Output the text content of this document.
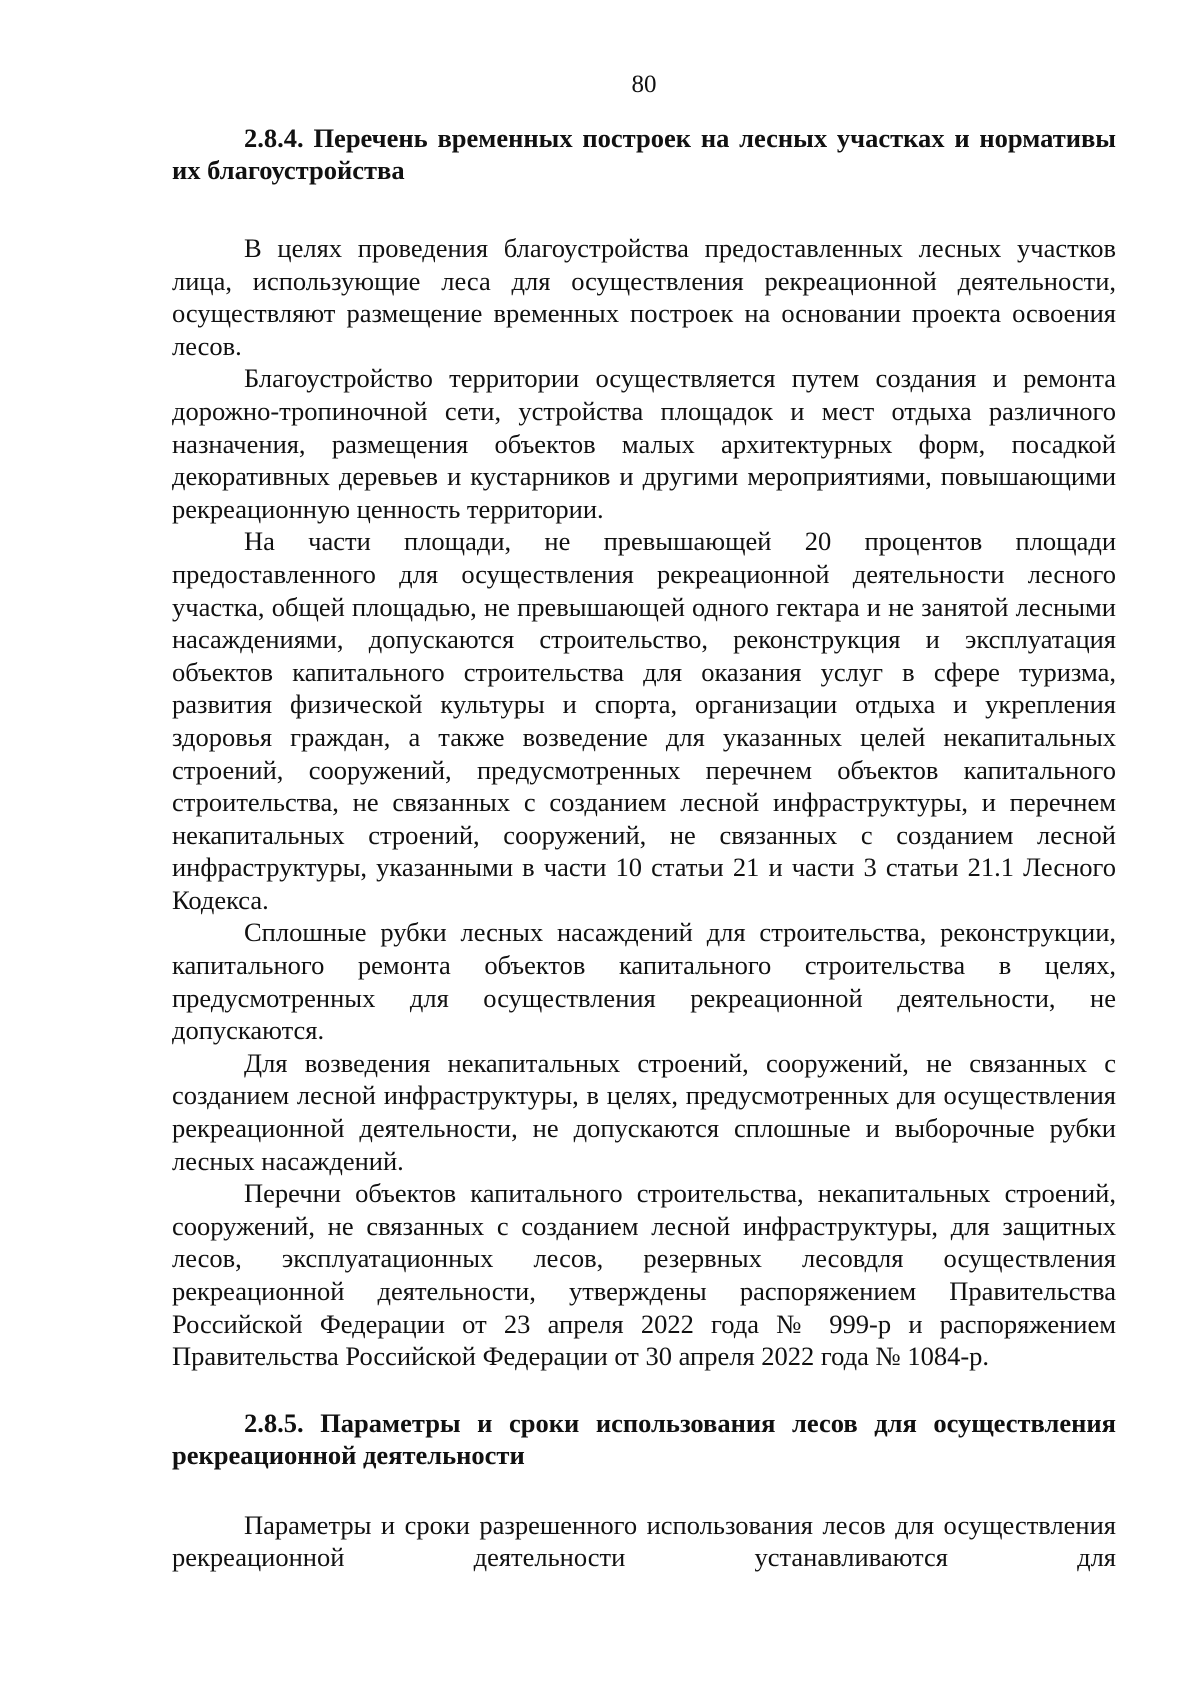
80
2.8.4. Перечень временных построек на лесных участках и нормативы их благоустройства

В целях проведения благоустройства предоставленных лесных участков лица, использующие леса для осуществления рекреационной деятельности, осуществляют размещение временных построек на основании проекта освоения лесов.

Благоустройство территории осуществляется путем создания и ремонта дорожно-тропиночной сети, устройства площадок и мест отдыха различного назначения, размещения объектов малых архитектурных форм, посадкой декоративных деревьев и кустарников и другими мероприятиями, повышающими рекреационную ценность территории.

На части площади, не превышающей 20 процентов площади предоставленного для осуществления рекреационной деятельности лесного участка, общей площадью, не превышающей одного гектара и не занятой лесными насаждениями, допускаются строительство, реконструкция и эксплуатация объектов капитального строительства для оказания услуг в сфере туризма, развития физической культуры и спорта, организации отдыха и укрепления здоровья граждан, а также возведение для указанных целей некапитальных строений, сооружений, предусмотренных перечнем объектов капитального строительства, не связанных с созданием лесной инфраструктуры, и перечнем некапитальных строений, сооружений, не связанных с созданием лесной инфраструктуры, указанными в части 10 статьи 21 и части 3 статьи 21.1 Лесного Кодекса.

Сплошные рубки лесных насаждений для строительства, реконструкции, капитального ремонта объектов капитального строительства в целях, предусмотренных для осуществления рекреационной деятельности, не допускаются.

Для возведения некапитальных строений, сооружений, не связанных с созданием лесной инфраструктуры, в целях, предусмотренных для осуществления рекреационной деятельности, не допускаются сплошные и выборочные рубки лесных насаждений.

Перечни объектов капитального строительства, некапитальных строений, сооружений, не связанных с созданием лесной инфраструктуры, для защитных лесов, эксплуатационных лесов, резервных лесовдля осуществления рекреационной деятельности, утверждены распоряжением Правительства Российской Федерации от 23 апреля 2022 года № 999-р и распоряжением Правительства Российской Федерации от 30 апреля 2022 года № 1084-р.

2.8.5. Параметры и сроки использования лесов для осуществления рекреационной деятельности

Параметры и сроки разрешенного использования лесов для осуществления рекреационной деятельности устанавливаются для
